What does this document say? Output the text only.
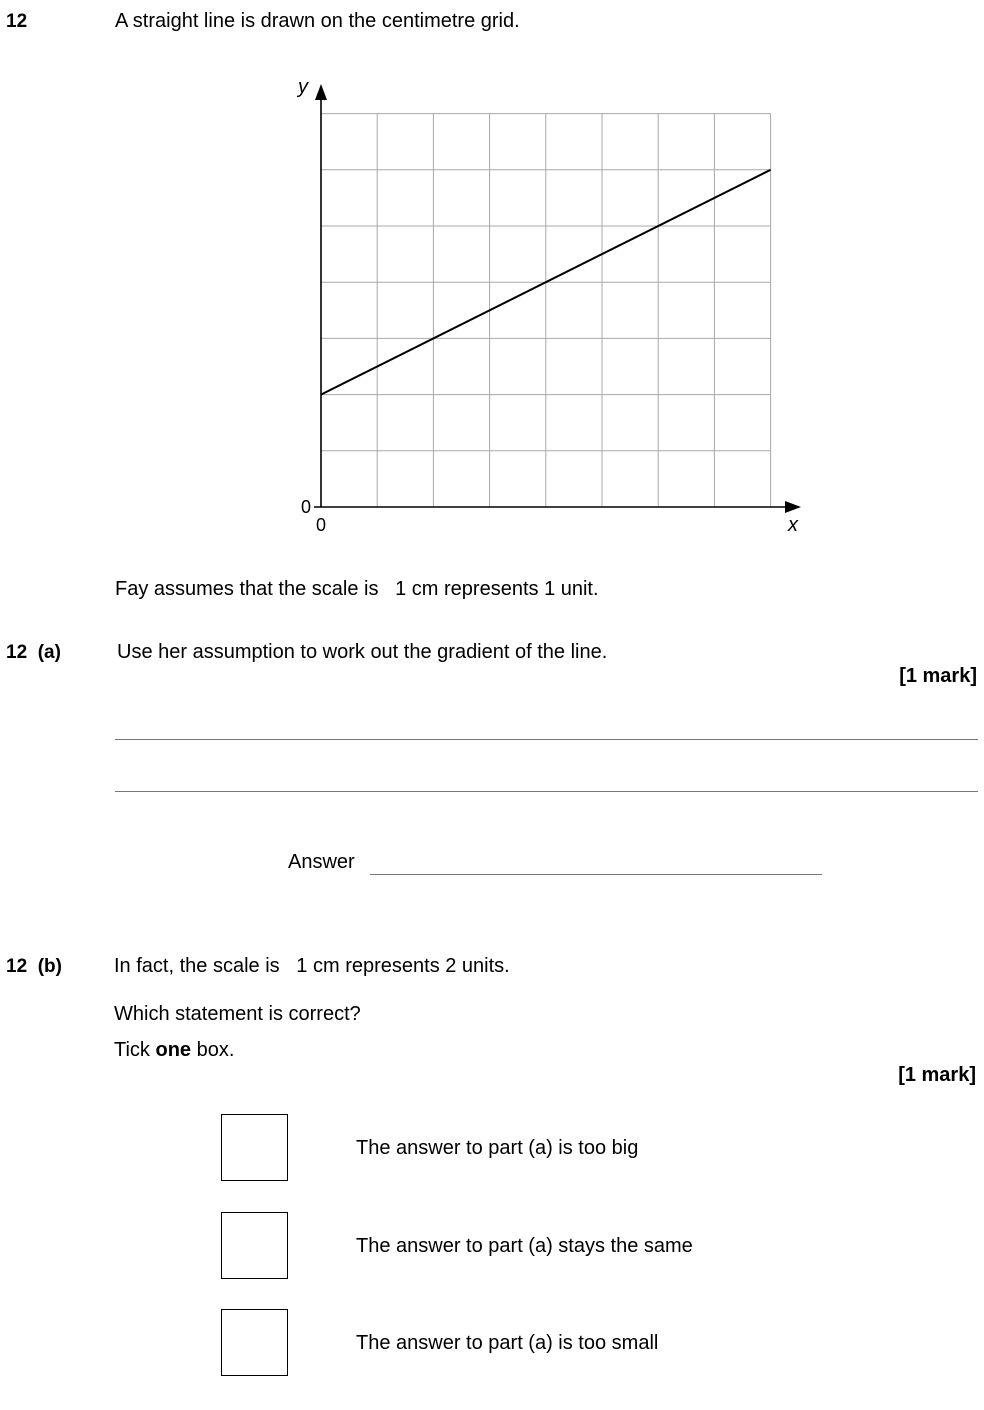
12	A straight line is drawn on the centimetre grid.
y
x
0
0
Fay assumes that the scale is   1 cm represents 1 unit.
12  (a)	Use her assumption to work out the gradient of the line.
[1 mark]
Answer
12  (b)	In fact, the scale is   1 cm represents 2 units.
Which statement is correct?
Tick one box.
[1 mark]
The answer to part (a) is too big
The answer to part (a) stays the same
The answer to part (a) is too small
